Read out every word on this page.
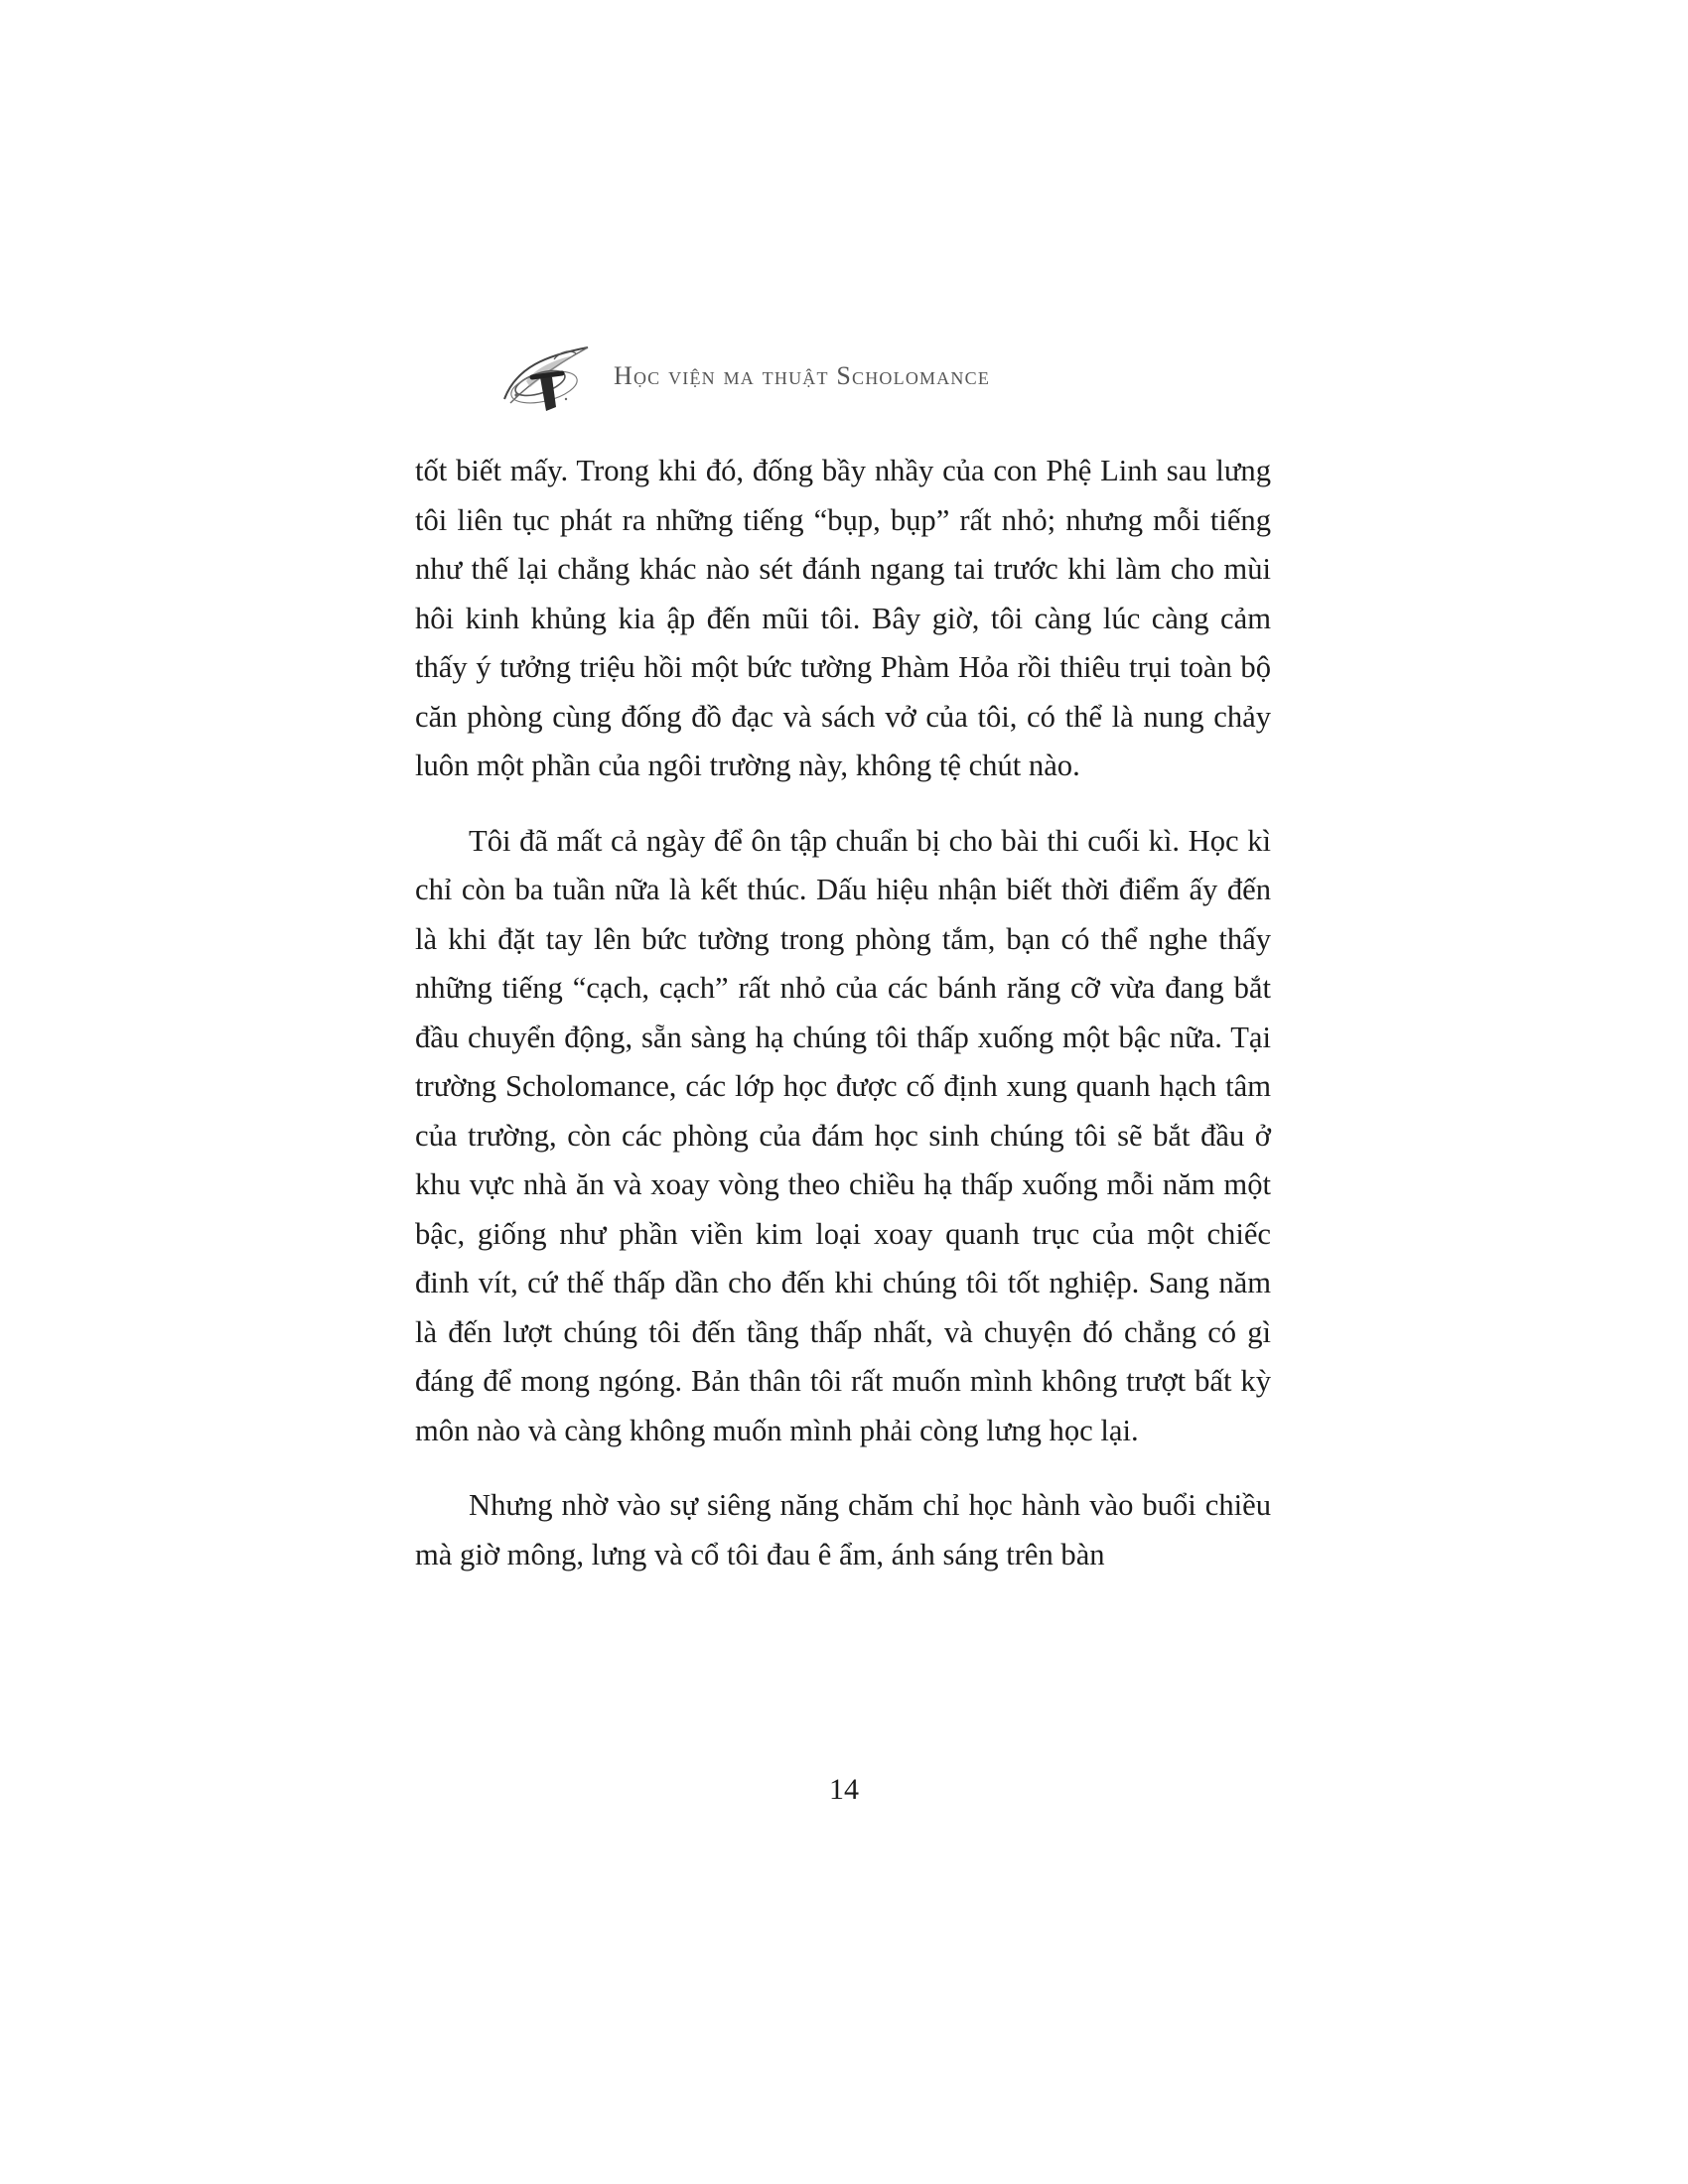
Học viện ma thuật Scholomance

tốt biết mấy. Trong khi đó, đống bầy nhầy của con Phệ Linh sau lưng tôi liên tục phát ra những tiếng “bụp, bụp” rất nhỏ; nhưng mỗi tiếng như thế lại chẳng khác nào sét đánh ngang tai trước khi làm cho mùi hôi kinh khủng kia ập đến mũi tôi. Bây giờ, tôi càng lúc càng cảm thấy ý tưởng triệu hồi một bức tường Phàm Hỏa rồi thiêu trụi toàn bộ căn phòng cùng đống đồ đạc và sách vở của tôi, có thể là nung chảy luôn một phần của ngôi trường này, không tệ chút nào.

Tôi đã mất cả ngày để ôn tập chuẩn bị cho bài thi cuối kì. Học kì chỉ còn ba tuần nữa là kết thúc. Dấu hiệu nhận biết thời điểm ấy đến là khi đặt tay lên bức tường trong phòng tắm, bạn có thể nghe thấy những tiếng “cạch, cạch” rất nhỏ của các bánh răng cỡ vừa đang bắt đầu chuyển động, sẵn sàng hạ chúng tôi thấp xuống một bậc nữa. Tại trường Scholomance, các lớp học được cố định xung quanh hạch tâm của trường, còn các phòng của đám học sinh chúng tôi sẽ bắt đầu ở khu vực nhà ăn và xoay vòng theo chiều hạ thấp xuống mỗi năm một bậc, giống như phần viền kim loại xoay quanh trục của một chiếc đinh vít, cứ thế thấp dần cho đến khi chúng tôi tốt nghiệp. Sang năm là đến lượt chúng tôi đến tầng thấp nhất, và chuyện đó chẳng có gì đáng để mong ngóng. Bản thân tôi rất muốn mình không trượt bất kỳ môn nào và càng không muốn mình phải còng lưng học lại.

Nhưng nhờ vào sự siêng năng chăm chỉ học hành vào buổi chiều mà giờ mông, lưng và cổ tôi đau ê ẩm, ánh sáng trên bàn

14
